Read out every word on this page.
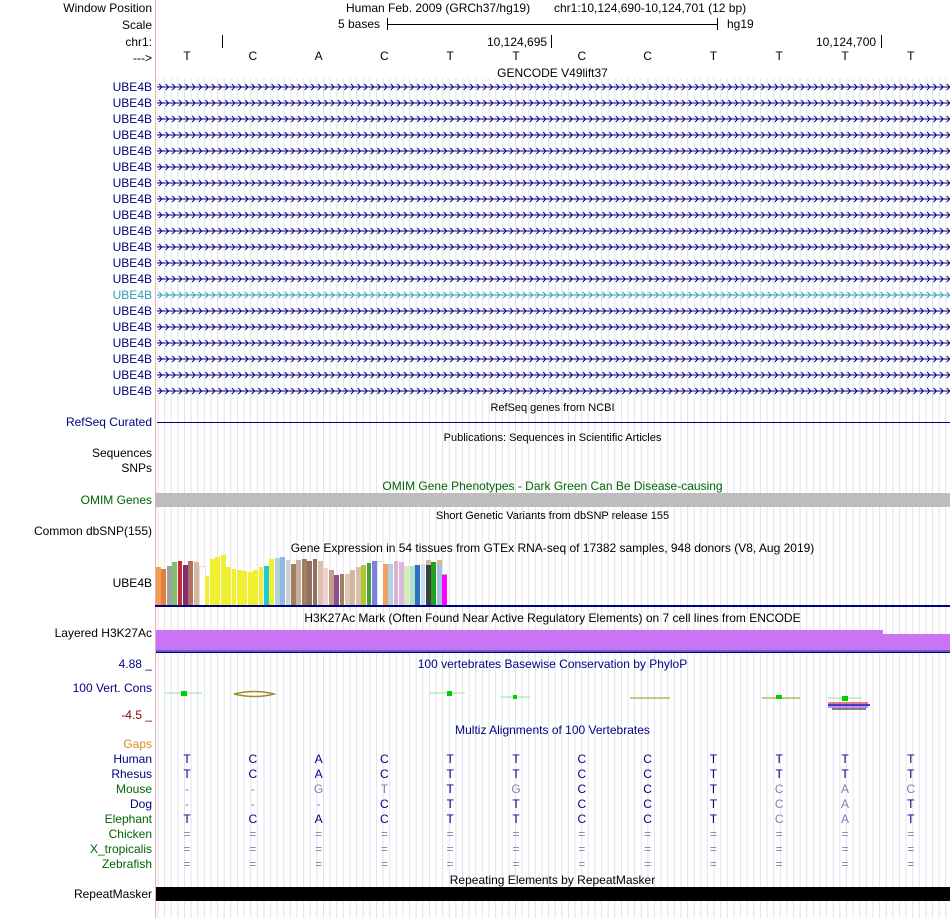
Window Position
Scale
chr1:
--->
Human Feb. 2009 (GRCh37/hg19) chr1:10,124,690-10,124,701 (12 bp)
5 bases	hg19
10,124,695	10,124,700
T	C	A	C	T	T	C	C	T	T	T	T
GENCODE V49lift37
UBE4B
UBE4B
UBE4B
UBE4B
UBE4B
UBE4B
UBE4B
UBE4B
UBE4B
UBE4B
UBE4B
UBE4B
UBE4B
UBE4B
UBE4B
UBE4B
UBE4B
UBE4B
UBE4B
UBE4B
RefSeq genes from NCBI
RefSeq Curated
Publications: Sequences in Scientific Articles
Sequences
SNPs
OMIM Gene Phenotypes - Dark Green Can Be Disease-causing
OMIM Genes
Short Genetic Variants from dbSNP release 155
Common dbSNP(155)
Gene Expression in 54 tissues from GTEx RNA-seq of 17382 samples, 948 donors (V8, Aug 2019)
UBE4B
H3K27Ac Mark (Often Found Near Active Regulatory Elements) on 7 cell lines from ENCODE
Layered H3K27Ac
100 vertebrates Basewise Conservation by PhyloP
4.88 _
100 Vert. Cons
-4.5 _
Multiz Alignments of 100 Vertebrates
Gaps
Human	T	C	A	C	T	T	C	C	T	T	T	T
Rhesus	T	C	A	C	T	T	C	C	T	T	T	T
Mouse	-	-	G	T	T	G	C	C	T	C	A	C
Dog	-	-	-	C	T	T	C	C	T	C	A	T
Elephant	T	C	A	C	T	T	C	C	T	C	A	T
Chicken	=	=	=	=	=	=	=	=	=	=	=	=
X_tropicalis	=	=	=	=	=	=	=	=	=	=	=	=
Zebrafish	=	=	=	=	=	=	=	=	=	=	=	=
Repeating Elements by RepeatMasker
RepeatMasker
